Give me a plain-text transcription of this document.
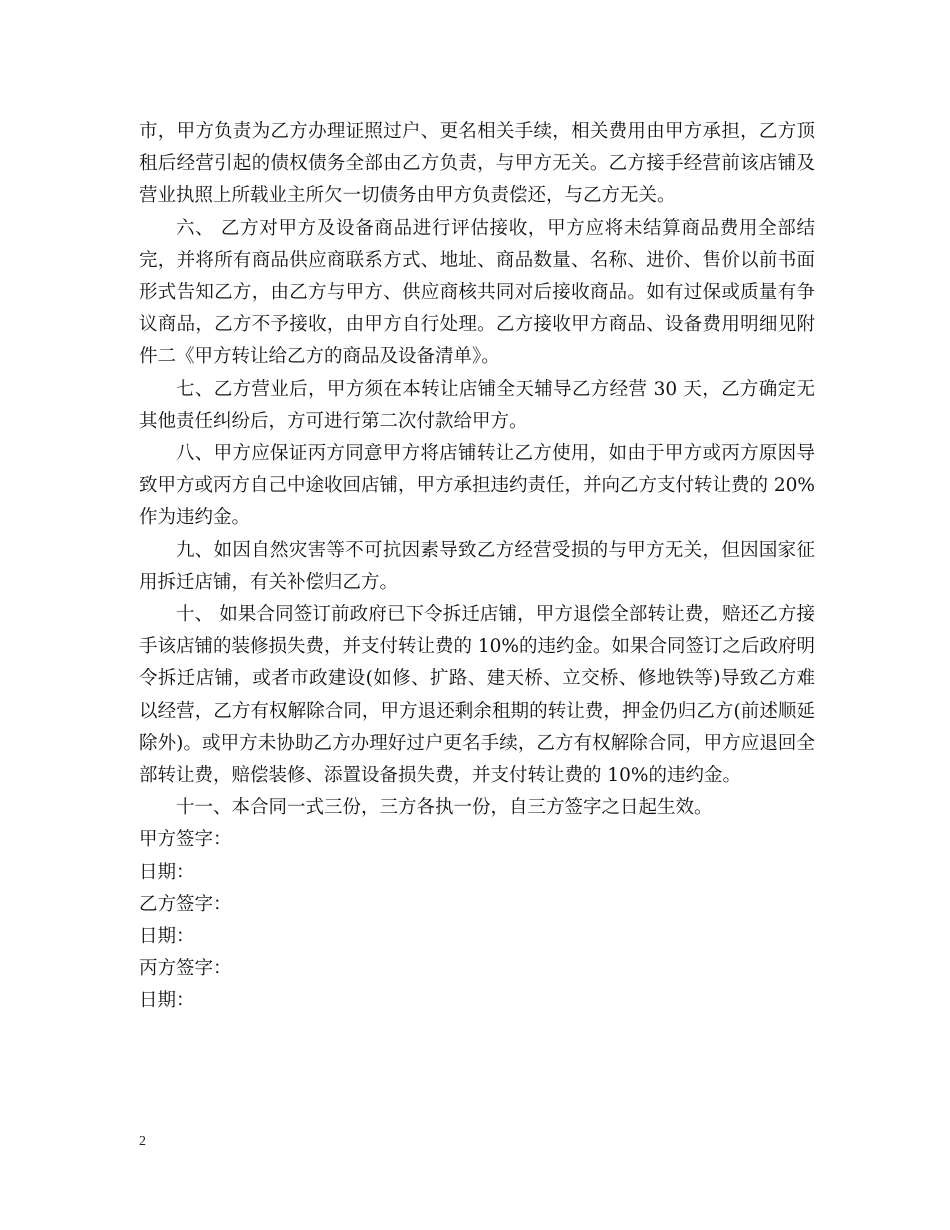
市，甲方负责为乙方办理证照过户、更名相关手续，相关费用由甲方承担，乙方顶租后经营引起的债权债务全部由乙方负责，与甲方无关。乙方接手经营前该店铺及营业执照上所载业主所欠一切债务由甲方负责偿还，与乙方无关。

六、 乙方对甲方及设备商品进行评估接收，甲方应将未结算商品费用全部结完，并将所有商品供应商联系方式、地址、商品数量、名称、进价、售价以前书面形式告知乙方，由乙方与甲方、供应商核共同对后接收商品。如有过保或质量有争议商品，乙方不予接收，由甲方自行处理。乙方接收甲方商品、设备费用明细见附件二《甲方转让给乙方的商品及设备清单》。

七、乙方营业后，甲方须在本转让店铺全天辅导乙方经营 30 天，乙方确定无其他责任纠纷后，方可进行第二次付款给甲方。

八、甲方应保证丙方同意甲方将店铺转让乙方使用，如由于甲方或丙方原因导致甲方或丙方自己中途收回店铺，甲方承担违约责任，并向乙方支付转让费的 20%作为违约金。

九、如因自然灾害等不可抗因素导致乙方经营受损的与甲方无关，但因国家征用拆迁店铺，有关补偿归乙方。

十、 如果合同签订前政府已下令拆迁店铺，甲方退偿全部转让费，赔还乙方接手该店铺的装修损失费，并支付转让费的 10%的违约金。如果合同签订之后政府明令拆迁店铺，或者市政建设(如修、扩路、建天桥、立交桥、修地铁等)导致乙方难以经营，乙方有权解除合同，甲方退还剩余租期的转让费，押金仍归乙方(前述顺延除外)。或甲方未协助乙方办理好过户更名手续，乙方有权解除合同，甲方应退回全部转让费，赔偿装修、添置设备损失费，并支付转让费的 10%的违约金。

十一、本合同一式三份，三方各执一份，自三方签字之日起生效。

甲方签字：

日期：

乙方签字：

日期：

丙方签字：

日期：

2
